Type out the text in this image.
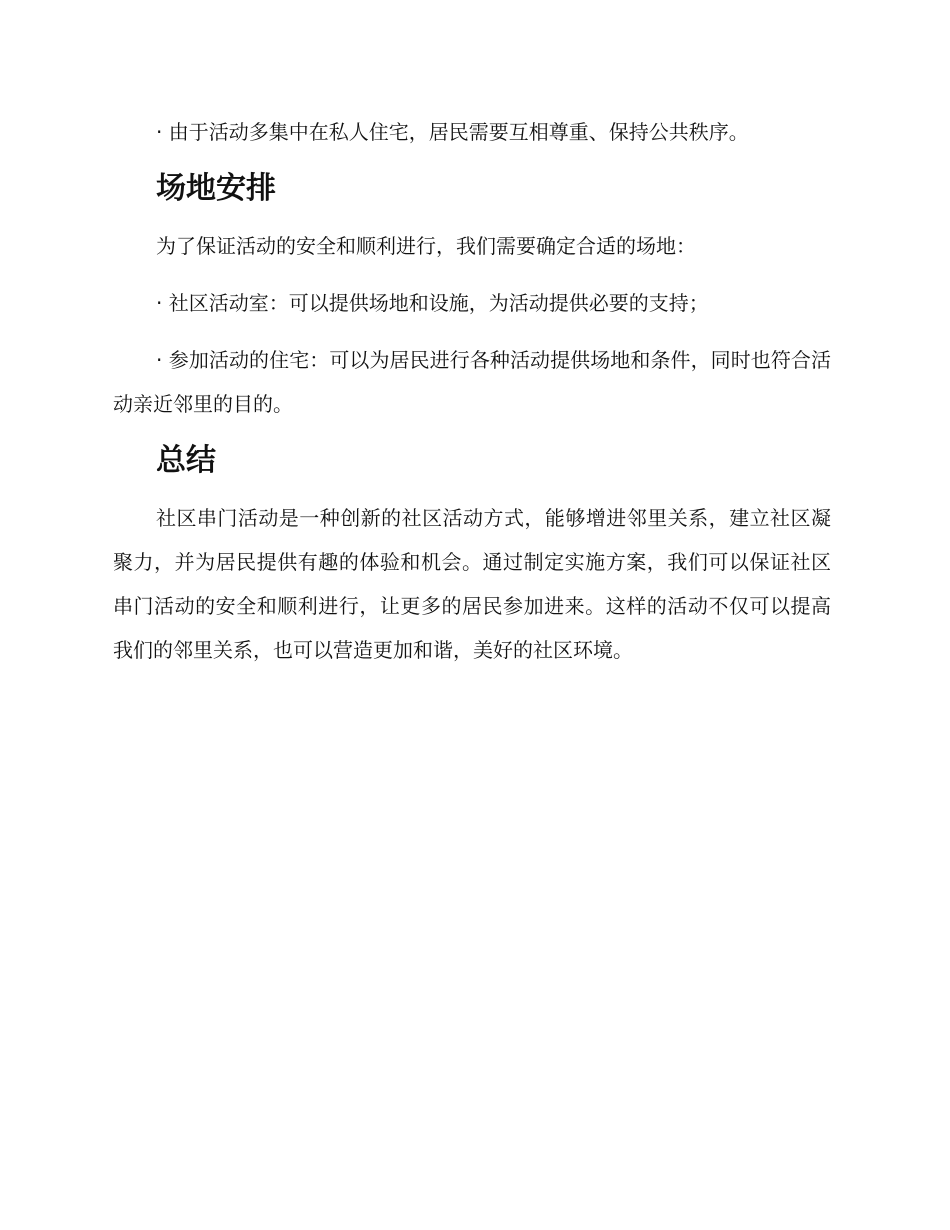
· 由于活动多集中在私人住宅，居民需要互相尊重、保持公共秩序。

场地安排

为了保证活动的安全和顺利进行，我们需要确定合适的场地：

· 社区活动室：可以提供场地和设施，为活动提供必要的支持；

· 参加活动的住宅：可以为居民进行各种活动提供场地和条件，同时也符合活动亲近邻里的目的。

总结

社区串门活动是一种创新的社区活动方式，能够增进邻里关系，建立社区凝聚力，并为居民提供有趣的体验和机会。通过制定实施方案，我们可以保证社区串门活动的安全和顺利进行，让更多的居民参加进来。这样的活动不仅可以提高我们的邻里关系，也可以营造更加和谐，美好的社区环境。
